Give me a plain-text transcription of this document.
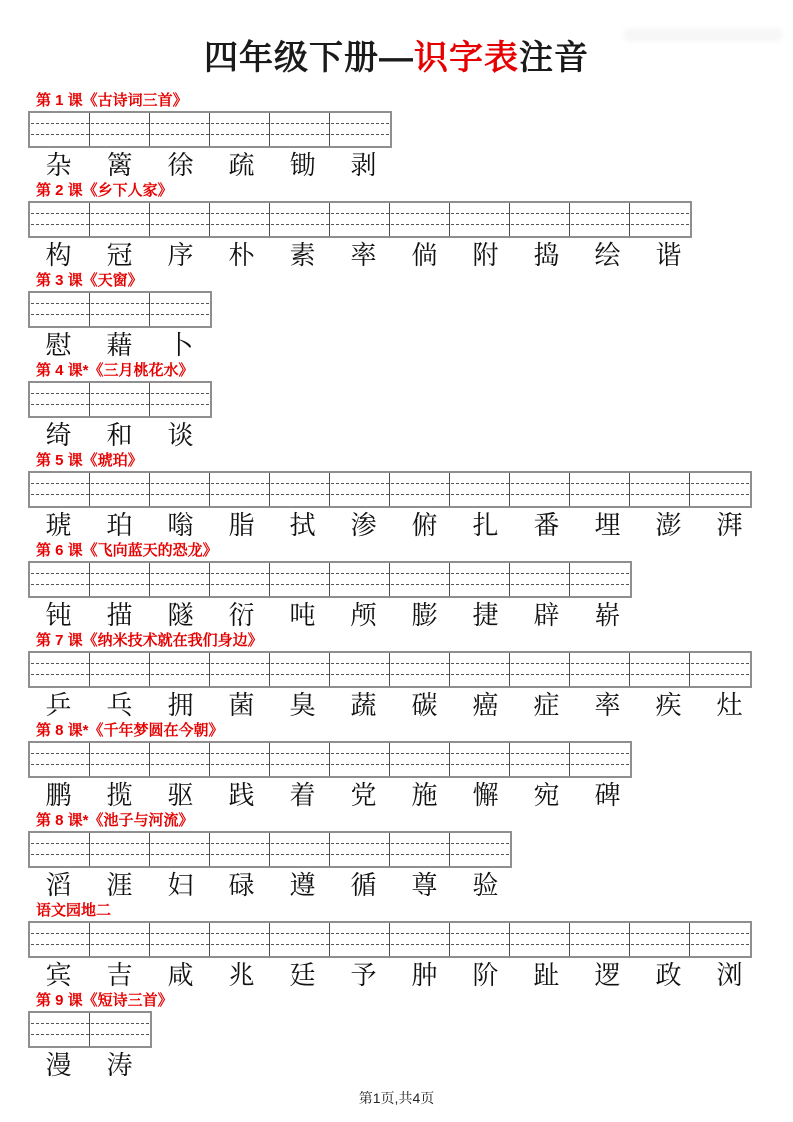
四年级下册—识字表注音
第 1 课《古诗词三首》
杂	篱	徐	疏	锄	剥
第 2 课《乡下人家》
构	冠	序	朴	素	率	倘	附	捣	绘	谐
第 3 课《天窗》
慰	藉	卜
第 4 课*《三月桃花水》
绮	和	谈
第 5 课《琥珀》
琥	珀	嗡	脂	拭	渗	俯	扎	番	埋	澎	湃
第 6 课《飞向蓝天的恐龙》
钝	描	隧	衍	吨	颅	膨	捷	辟	崭
第 7 课《纳米技术就在我们身边》
乒	乓	拥	菌	臭	蔬	碳	癌	症	率	疾	灶
第 8 课*《千年梦圆在今朝》
鹏	揽	驱	践	着	党	施	懈	宛	碑
第 8 课*《池子与河流》
滔	涯	妇	碌	遵	循	尊	验
语文园地二
宾	吉	咸	兆	廷	予	肿	阶	趾	逻	政	浏
第 9 课《短诗三首》
漫	涛
第1页,共4页
